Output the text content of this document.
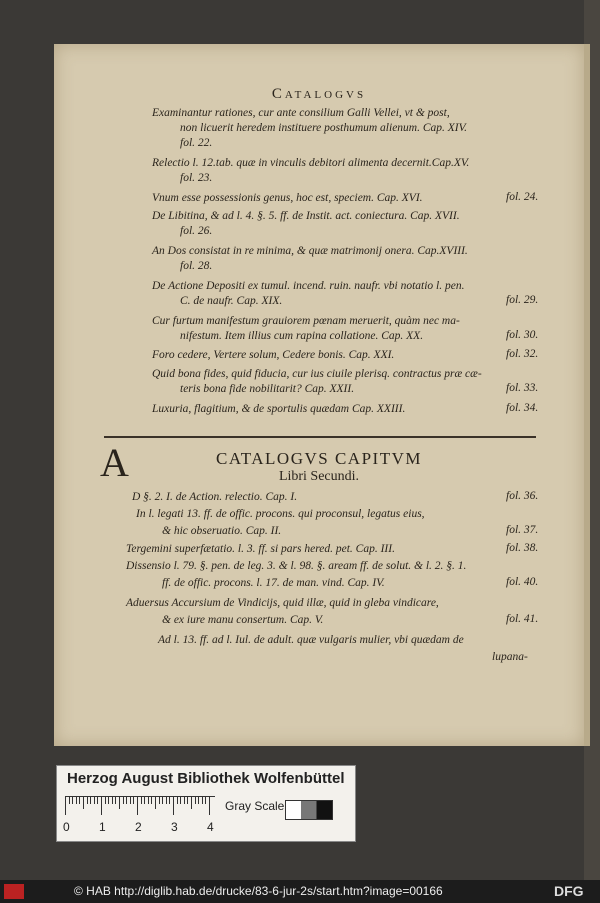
Catalogvs
Examinantur rationes, cur ante consilium Galli Vellei, vt & post,
non licuerit heredem instituere posthumum alienum. Cap. XIV.
fol. 22.
Relectio l. 12.tab. quæ in vinculis debitori alimenta decernit.Cap.XV.
fol. 23.
Vnum esse possessionis genus, hoc est, speciem. Cap. XVI.	fol. 24.
De Libitina, & ad l. 4. §. 5. ff. de Instit. act. coniectura. Cap. XVII.
fol. 26.
An Dos consistat in re minima, & quæ matrimonij onera. Cap.XVIII.
fol. 28.
De Actione Depositi ex tumul. incend. ruin. naufr. vbi notatio l. pen.
C. de naufr. Cap. XIX.	fol. 29.
Cur furtum manifestum grauiorem pœnam meruerit, quàm nec ma-
nifestum. Item illius cum rapina collatione. Cap. XX.	fol. 30.
Foro cedere, Vertere solum, Cedere bonis. Cap. XXI.	fol. 32.
Quid bona fides, quid fiducia, cur ius ciuile plerisq. contractus præ cæ-
teris bona fide nobilitarit? Cap. XXII.	fol. 33.
Luxuria, flagitium, & de sportulis quædam Cap. XXIII.	fol. 34.
CATALOGVS CAPITVM
Libri Secundi.
A
D §. 2. I. de Action. relectio. Cap. I.	fol. 36.
In l. legati 13. ff. de offic. procons. qui proconsul, legatus eius,
& hic obseruatio. Cap. II.	fol. 37.
Tergemini superfætatio. l. 3. ff. si pars hered. pet. Cap. III.	fol. 38.
Dissensio l. 79. §. pen. de leg. 3. & l. 98. §. aream ff. de solut. & l. 2. §. 1.
ff. de offic. procons. l. 17. de man. vind. Cap. IV.	fol. 40.
Aduersus Accursium de Vindicijs, quid illæ, quid in gleba vindicare,
& ex iure manu consertum. Cap. V.	fol. 41.
Ad l. 13. ff. ad l. Iul. de adult. quæ vulgaris mulier, vbi quædam de
lupana-
Herzog August Bibliothek Wolfenbüttel
0 1 2 3 4
Gray Scale
© HAB http://diglib.hab.de/drucke/83-6-jur-2s/start.htm?image=00166	DFG
